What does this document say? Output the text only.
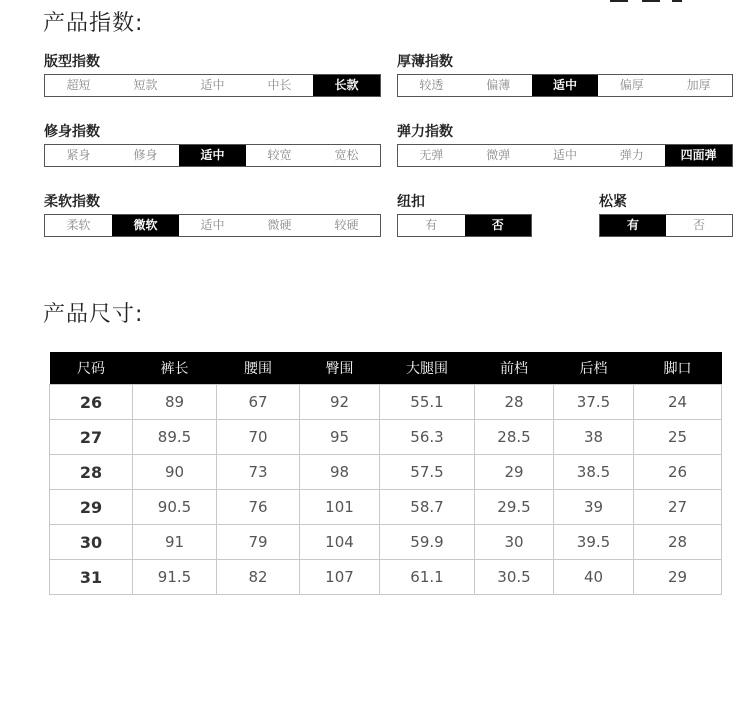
产品指数:
版型指数
超短	短款	适中	中长	长款
厚薄指数
较透	偏薄	适中	偏厚	加厚
修身指数
紧身	修身	适中	较宽	宽松
弹力指数
无弹	微弹	适中	弹力	四面弹
柔软指数
柔软	微软	适中	微硬	较硬
纽扣
有	否
松紧
有	否
产品尺寸:
尺码	裤长	腰围	臀围	大腿围	前档	后档	脚口
26	89	67	92	55.1	28	37.5	24
27	89.5	70	95	56.3	28.5	38	25
28	90	73	98	57.5	29	38.5	26
29	90.5	76	101	58.7	29.5	39	27
30	91	79	104	59.9	30	39.5	28
31	91.5	82	107	61.1	30.5	40	29
